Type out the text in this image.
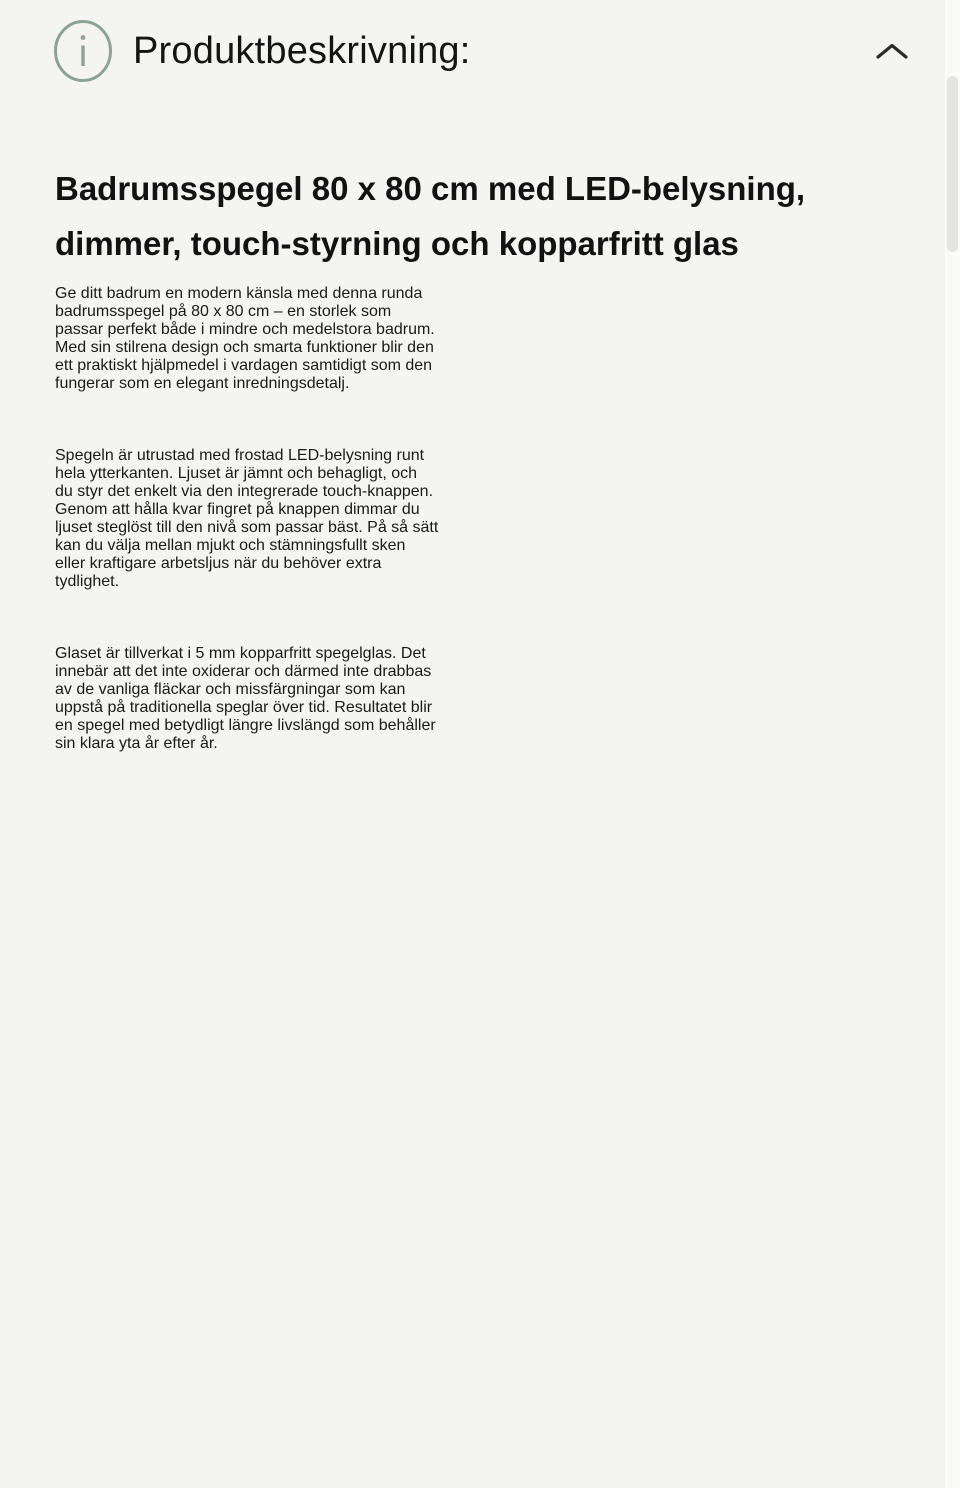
Produktbeskrivning:
Badrumsspegel 80 x 80 cm med LED-belysning,
dimmer, touch-styrning och kopparfritt glas

Ge ditt badrum en modern känsla med denna runda
badrumsspegel på 80 x 80 cm – en storlek som
passar perfekt både i mindre och medelstora badrum.
Med sin stilrena design och smarta funktioner blir den
ett praktiskt hjälpmedel i vardagen samtidigt som den
fungerar som en elegant inredningsdetalj.

Spegeln är utrustad med frostad LED-belysning runt
hela ytterkanten. Ljuset är jämnt och behagligt, och
du styr det enkelt via den integrerade touch-knappen.
Genom att hålla kvar fingret på knappen dimmar du
ljuset steglöst till den nivå som passar bäst. På så sätt
kan du välja mellan mjukt och stämningsfullt sken
eller kraftigare arbetsljus när du behöver extra
tydlighet.

Glaset är tillverkat i 5 mm kopparfritt spegelglas. Det
innebär att det inte oxiderar och därmed inte drabbas
av de vanliga fläckar och missfärgningar som kan
uppstå på traditionella speglar över tid. Resultatet blir
en spegel med betydligt längre livslängd som behåller
sin klara yta år efter år.
